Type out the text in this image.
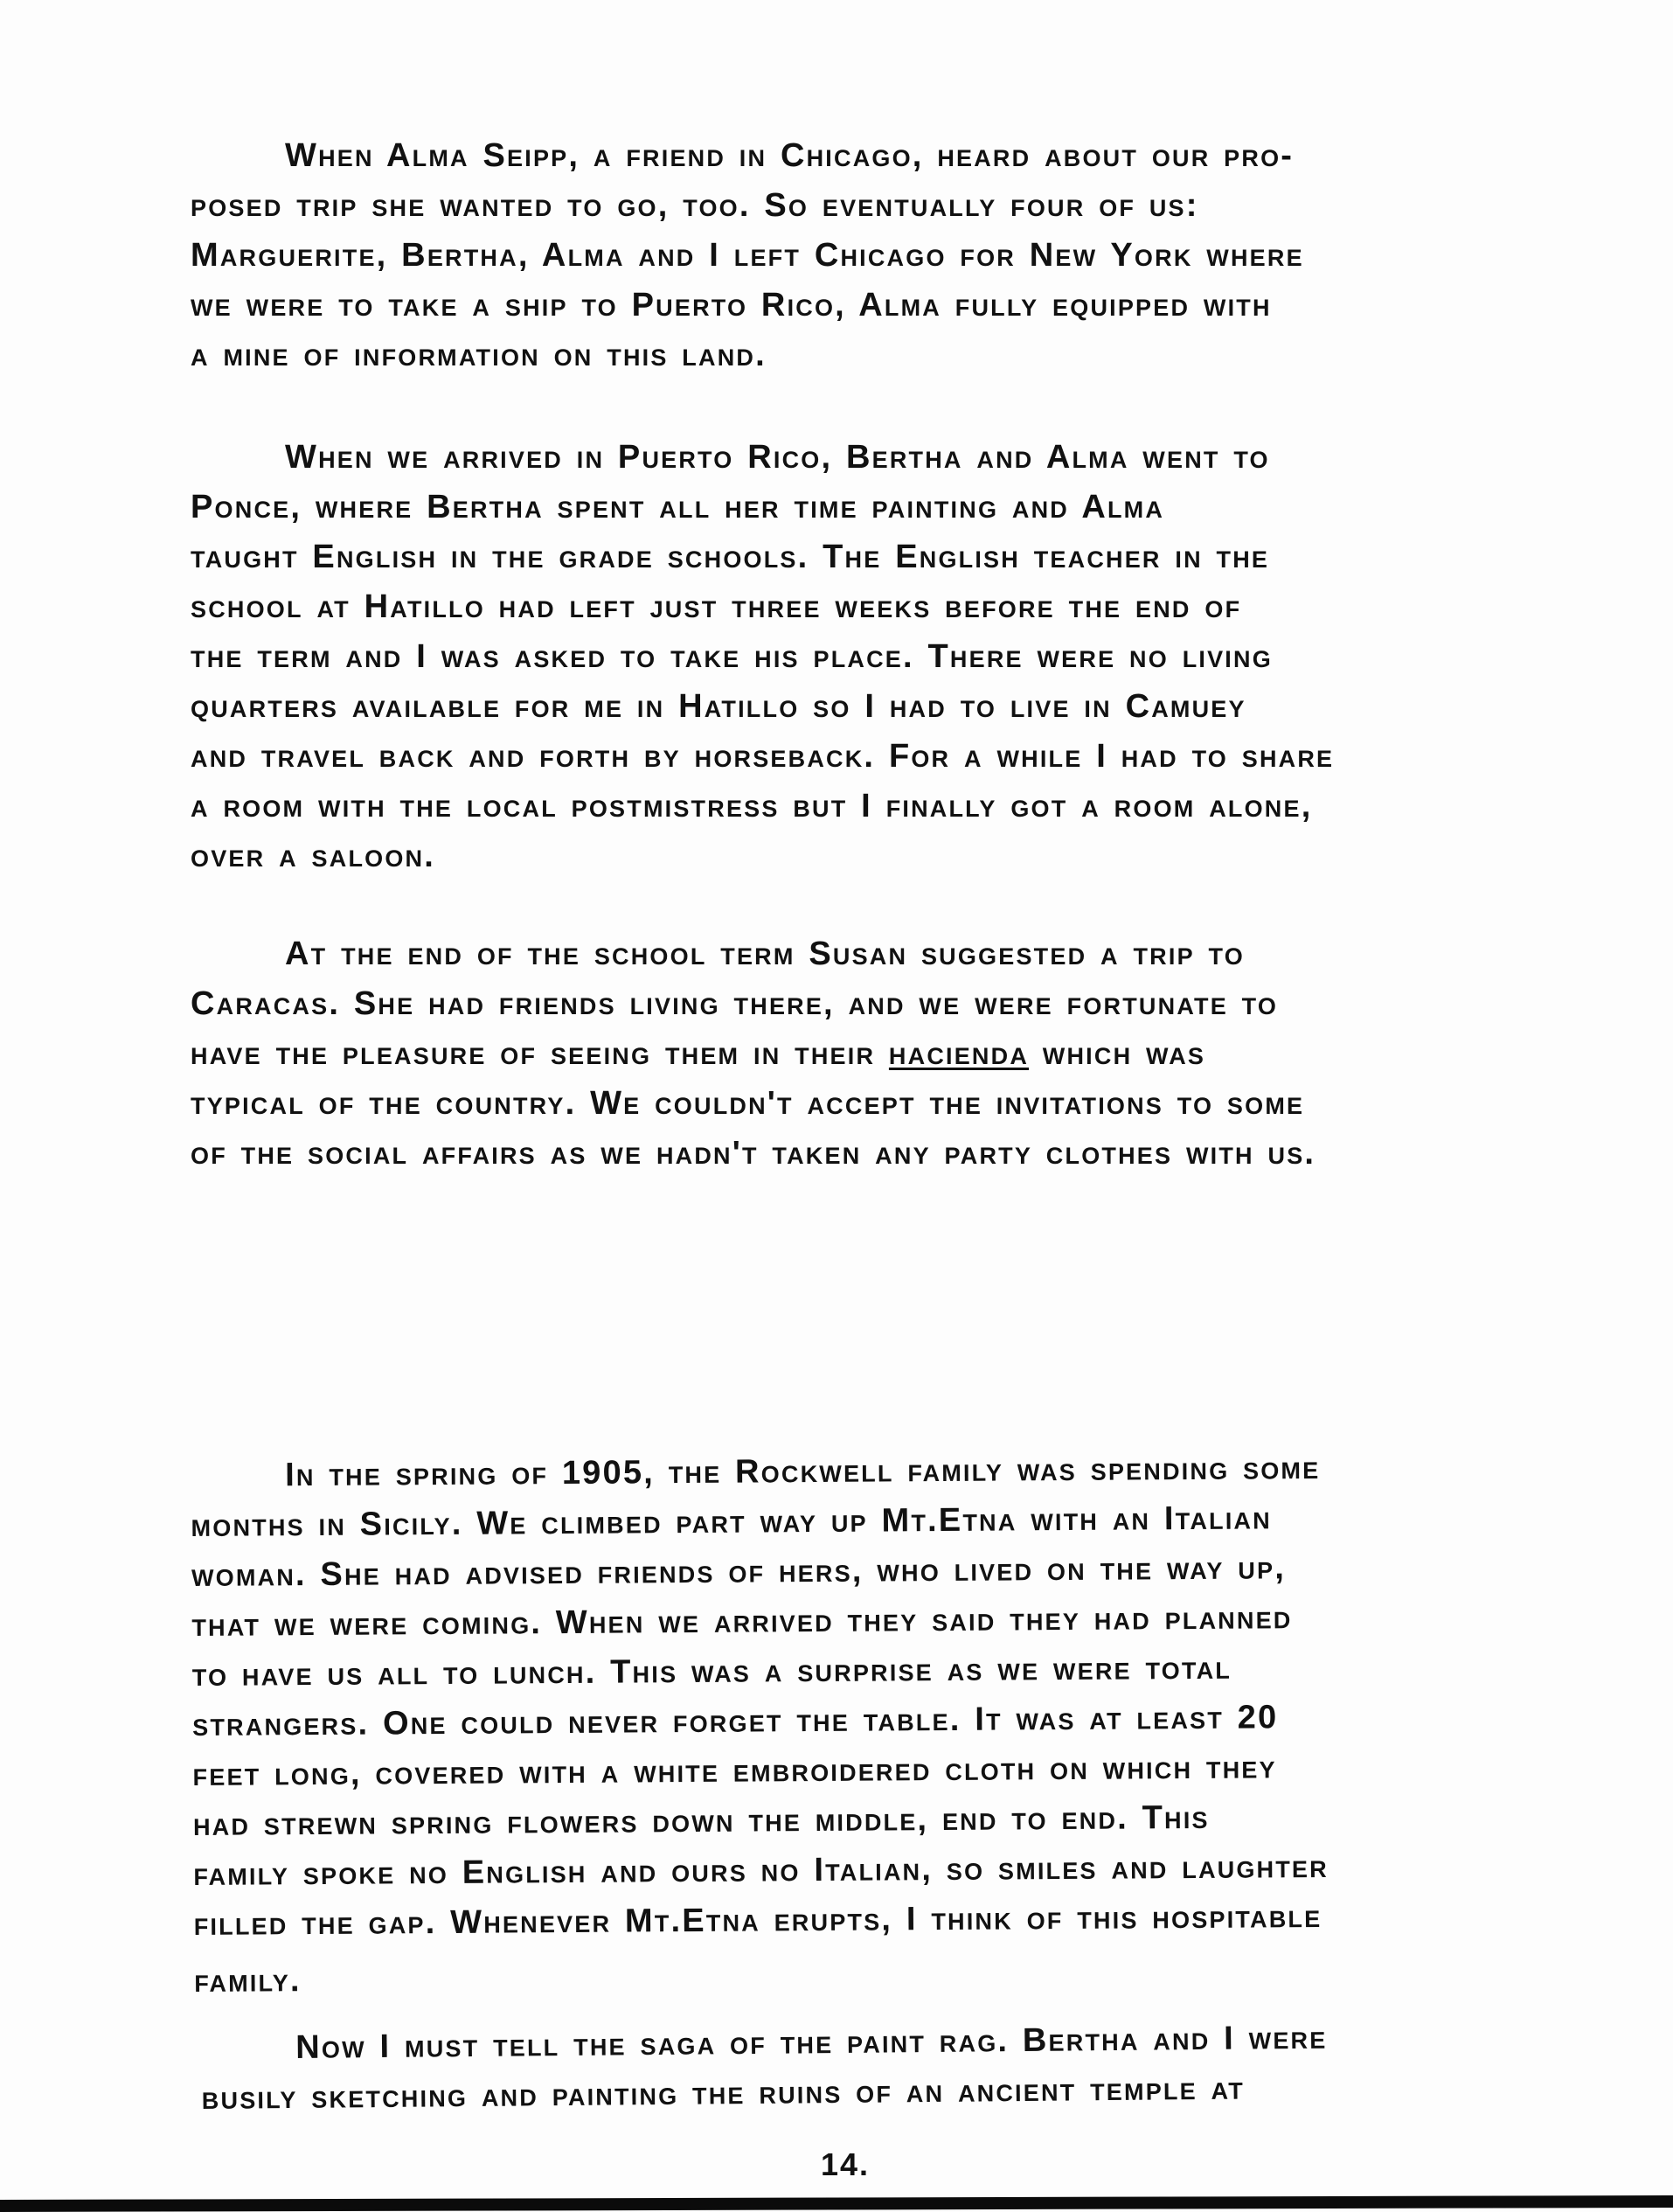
When Alma Seipp, a friend in Chicago, heard about our pro-
posed trip she wanted to go, too. So eventually four of us:
Marguerite, Bertha, Alma and I left Chicago for New York where
we were to take a ship to Puerto Rico, Alma fully equipped with
a mine of information on this land.
When we arrived in Puerto Rico, Bertha and Alma went to
Ponce, where Bertha spent all her time painting and Alma
taught English in the grade schools. The English teacher in the
school at Hatillo had left just three weeks before the end of
the term and I was asked to take his place. There were no living
quarters available for me in Hatillo so I had to live in Camuey
and travel back and forth by horseback. For a while I had to share
a room with the local postmistress but I finally got a room alone,
over a saloon.
At the end of the school term Susan suggested a trip to
Caracas. She had friends living there, and we were fortunate to
have the pleasure of seeing them in their hacienda which was
typical of the country. We couldn't accept the invitations to some
of the social affairs as we hadn't taken any party clothes with us.
In the spring of 1905, the Rockwell family was spending some
months in Sicily. We climbed part way up Mt.Etna with an Italian
woman. She had advised friends of hers, who lived on the way up,
that we were coming. When we arrived they said they had planned
to have us all to lunch. This was a surprise as we were total
strangers. One could never forget the table. It was at least 20
feet long, covered with a white embroidered cloth on which they
had strewn spring flowers down the middle, end to end. This
family spoke no English and ours no Italian, so smiles and laughter
filled the gap. Whenever Mt.Etna erupts, I think of this hospitable
family.
Now I must tell the saga of the paint rag. Bertha and I were
busily sketching and painting the ruins of an ancient temple at
14.
